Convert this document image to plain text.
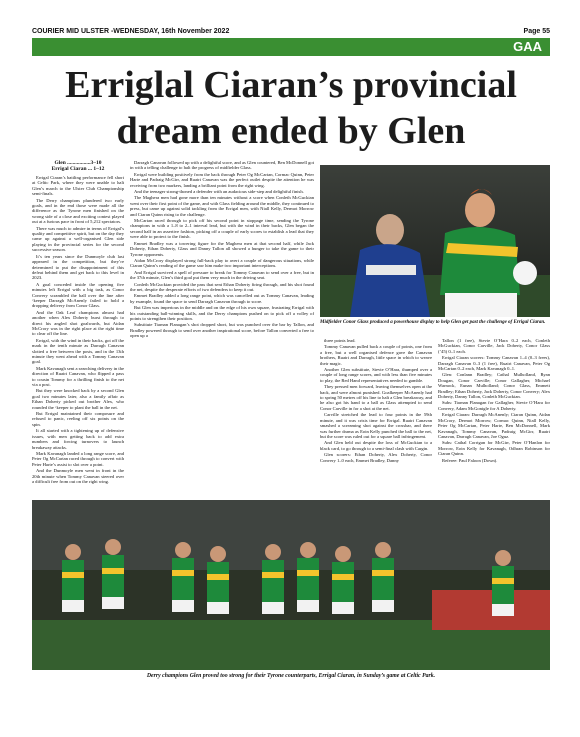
COURIER MID ULSTER -WEDNESDAY, 16th November 2022	Page 55
GAA
Erriglal Ciaran’s provincial dream ended by Glen
Glen .................3–10
Errigal Ciaran ... 1–12

Errigal Ciaran’s battling performance fell short at Celtic Park, where they were unable to halt Glen’s march to the Ulster Club Championship semi-finals.

The Derry champions plundered two early goals, and in the end those were made all the difference as the Tyrone men finished on the wrong side of a close and exciting contest played out at a furious pace in front of 5,212 spectators.

There was much to admire in terms of Errigal’s quality and competitive spirit, but on the day they came up against a well-organised Glen side playing in the provincial series for the second successive season.

It’s ten years since the Dunmoyle club last appeared in the competition, but they’re determined to put the disappointment of this defeat behind them and get back to this level in 2023.

A goal conceded inside the opening five minutes left Errigal with a big task, as Conor Convery scrambled the ball over the line after ‘keeper Darragh McAnenly failed to hold a dropping delivery from Conor Glass.

And the Oak Leaf champions almost had another when Alex Doherty burst through to direct his angled shot goalwards, but Aidan McCrory was in the right place at the right time to clear off the line.

Errigal, with the wind in their backs, got off the mark in the tenth minute as Darragh Canavan slotted a free between the posts, and in the 13th minute they went ahead with a Tommy Canavan goal.

Mark Kavanagh sent a searching delivery in the direction of Ruairi Canavan, who flipped a pass to cousin Tommy for a thrilling finish to the net via a post.

But they were knocked back by a second Glen goal two minutes later, also a family affair as Ethan Doherty picked out brother Alex, who rounded the ‘keeper to plant the ball in the net.

But Errigal maintained their composure and refused to panic, reeling off six points on the spin.

It all started with a tightening up of defensive issues, with men getting back to add extra numbers and forcing turnovers to launch breakaway attacks.

Mark Kavanagh landed a long range score, and Peter Og McCartan raced through to convert with Peter Harte’s assist to slot over a point.

And the Dunmoyle men went in front in the 20th minute when Tommy Canavan steered over a difficult free from out on the right wing.

Darragh Canavan followed up with a delightful score, and as Glen countered, Ben McDonnell got in with a telling challenge to halt the progress of midfielder Glass.

Errigal were building positively from the back through Peter Og McCartan, Cormac Quinn, Peter Harte and Padraig McGirr, and Ruairi Canavan was the perfect outlet despite the attention he was receiving from two markers, landing a brilliant point from the right wing.

And the teenager strong-thoned a defender with an audacious side-step and delightful finish.

The Maghera men had gone more than ten minutes without a score when Conleth McGuckian went over their first point of the game, and with Glass fielding around the middle, they continued to press, but came up against solid tackling from the Errigal men, with Niall Kelly, Dermot Morrow and Ciaran Quinn rising to the challenge.

McCartan raced through to pick off his second point in stoppage time, sending the Tyrone champions in with a 1–8 to 2–1 interval lead, but with the wind in their backs, Glen began the second half in an assertive fashion, picking off a couple of early scores to establish a lead that they were able to protect to the finish.

Emmet Bradley was a towering figure for the Maghera men at that second half, while Jack Doherty, Ethan Doherty, Glass and Danny Tallon all showed a hunger to take the game to their Tyrone opponents.

Aidan McCrory displayed strong full-back play to avert a couple of dangerous situations, while Ciaran Quinn’s reading of the game saw him make two important interceptions.

And Errigal survived a spell of pressure to break for Tommy Canavan to send over a free, but in the 37th minute, Glen’s third goal put them very much in the driving seat.

Conleth McGuckian provided the pass that sent Ethan Doherty firing through, and his shot found the net, despite the desperate efforts of two defenders to keep it out.

Emmet Bradley added a long range point, which was cancelled out as Tommy Canavan, leading by example, found the space to send Darragh Canavan through to score.

But Glen was imperious in the middle and on the edge of his own square, frustrating Errigal with his outstanding ball-winning skills, and the Derry champions pushed on to pick off a volley of points to strengthen their position.

Substitute Tiarnan Flanagan’s shot dropped short, but was punched over the bar by Tallon, and Bradley powered through to send over another inspirational score, before Tallon converted a free to open up a

Midfielder Conor Glass produced a powerhouse display to help Glen get past the challenge of Errigal Ciaran.

three points lead.

Tommy Canavan pulled back a couple of points, one from a free, but a well organised defence gave the Canavan brothers, Ruairi and Darragh, little space in which to weave their magic.

Another Glen substitute, Stevie O’Hara, thumped over a couple of long range scores, and with less than five minutes to play, the Red Hand representatives needed to gamble.

They pressed men forward, leaving themselves open at the back, and were almost punished. Goalkeeper McAnenly had to spring 50 metres off his line to halt a Glen breakaway, and he also got his hand to a ball as Glass attempted to send Conor Carville in for a shot at the net.

Carville stretched the lead to four points in the 59th minute, and it was crisis time for Errigal. Ruairi Canavan smashed a screaming shot against the crossbar, and there was further drama as Eoin Kelly punched the ball to the net, but the score was ruled out for a square ball infringement.

And Glen held out despite the loss of McGuckian to a black card, to go through to a semi-final clash with Cargin.

Glen scorers: Ethan Doherty, Alex Doherty, Conor Convery 1–0 each, Emmet Bradley, Danny

Tallon (1 free), Stevie O’Hara 0–2 each, Conleth McGuckian, Conor Carville, Jack Doherty, Conor Glass (’45) 0–1 each.

Errigal Ciaran scorers: Tommy Canavan 1–4 (0–3 frees), Darragh Canavan 0–3 (1 free), Ruairi Canavan, Peter Og McCartan 0–2 each, Mark Kavanagh 0–1.

Glen: Conlann Bradley; Cathal Mulholland, Ryan Dougan, Conor Carville; Conor Gallagher, Michael Warnock, Eunan Mulholland; Conor Glass, Emmett Bradley; Ethan Doherty, Jack Doherty, Conor Convery; Alex Doherty, Danny Tallon, Conleth McGuckian.

Subs: Tiarnan Flanagan for Gallagher, Stevie O’Hara for Convery, Adam McGonigle for A Doherty.

Errigal Ciaran: Darragh McAnenly; Ciaran Quinn, Aidan McCrory, Dermot Morrow; Cormac Quinn, Niall Kelly, Peter Og McCartan, Peter Harte, Ben McDonnell, Mark Kavanagh, Tommy Canavan, Padraig McGirr, Ruairi Canavan, Darragh Canavan, Joe Oguz.

Subs: Cathal Corrigan for McGirr, Peter O’Hanlon for Morrow, Eoin Kelly for Kavanagh, Odhran Robinson for Ciaran Quinn.

Referee: Paul Faloon (Down).

Derry champions Glen proved too strong for their Tyrone counterparts, Errigal Ciaran, in Sunday’s game at Celtic Park.
